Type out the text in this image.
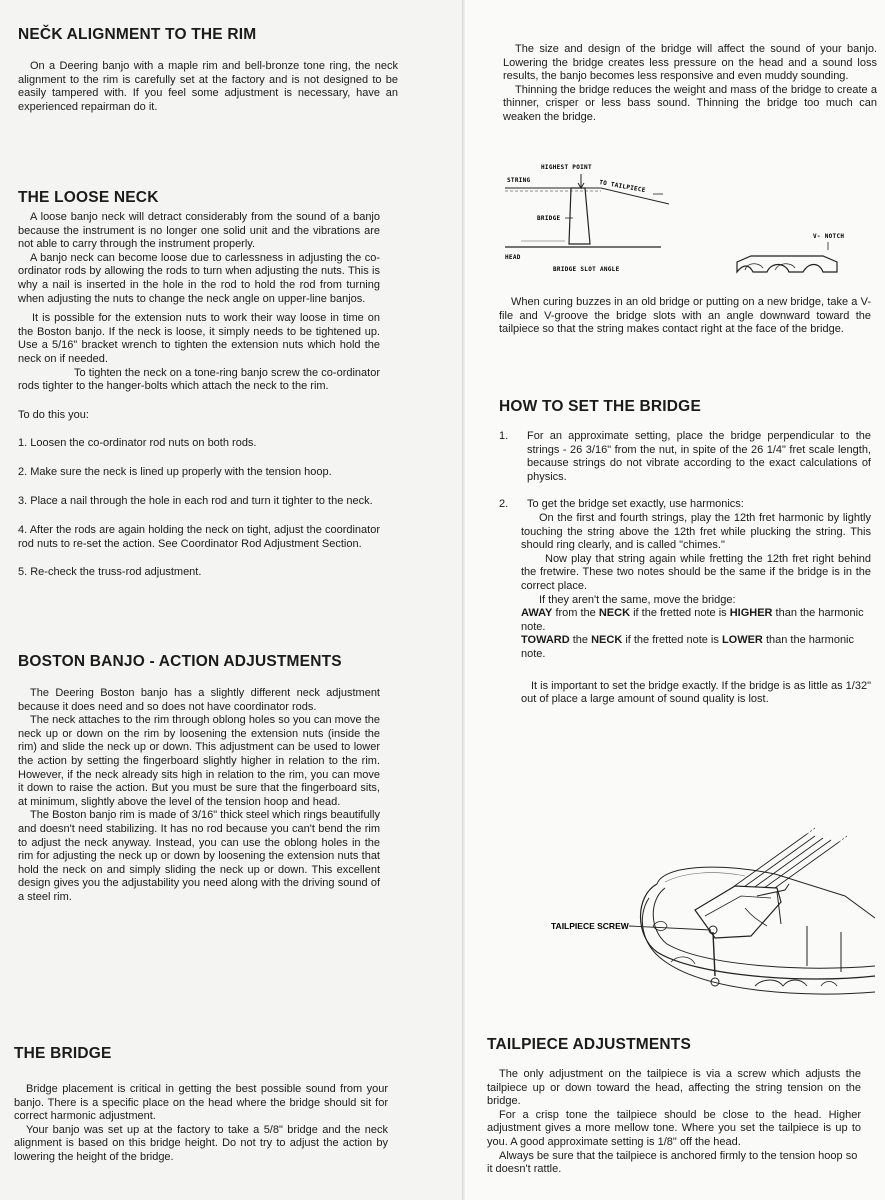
NEČK ALIGNMENT TO THE RIM

On a Deering banjo with a maple rim and bell-bronze tone ring, the neck alignment to the rim is carefully set at the factory and is not designed to be easily tampered with. If you feel some adjustment is necessary, have an experienced repairman do it.

THE LOOSE NECK

A loose banjo neck will detract considerably from the sound of a banjo because the instrument is no longer one solid unit and the vibrations are not able to carry through the instrument properly.

A banjo neck can become loose due to carlessness in adjusting the co-ordinator rods by allowing the rods to turn when adjusting the nuts. This is why a nail is inserted in the hole in the rod to hold the rod from turning when adjusting the nuts to change the neck angle on upper-line banjos.

It is possible for the extension nuts to work their way loose in time on the Boston banjo. If the neck is loose, it simply needs to be tightened up. Use a 5/16" bracket wrench to tighten the extension nuts which hold the neck on if needed.

To tighten the neck on a tone-ring banjo screw the co-ordinator rods tighter to the hanger-bolts which attach the neck to the rim.

To do this you:

1. Loosen the co-ordinator rod nuts on both rods.

2. Make sure the neck is lined up properly with the tension hoop.

3. Place a nail through the hole in each rod and turn it tighter to the neck.

4. After the rods are again holding the neck on tight, adjust the coordinator rod nuts to re-set the action. See Coordinator Rod Adjustment Section.

5. Re-check the truss-rod adjustment.

BOSTON BANJO - ACTION ADJUSTMENTS

The Deering Boston banjo has a slightly different neck adjustment because it does need and so does not have coordinator rods.

The neck attaches to the rim through oblong holes so you can move the neck up or down on the rim by loosening the extension nuts (inside the rim) and slide the neck up or down. This adjustment can be used to lower the action by setting the fingerboard slightly higher in relation to the rim. However, if the neck already sits high in relation to the rim, you can move it down to raise the action. But you must be sure that the fingerboard sits, at minimum, slightly above the level of the tension hoop and head.

The Boston banjo rim is made of 3/16" thick steel which rings beautifully and doesn't need stabilizing. It has no rod because you can't bend the rim to adjust the neck anyway. Instead, you can use the oblong holes in the rim for adjusting the neck up or down by loosening the extension nuts that hold the neck on and simply sliding the neck up or down. This excellent design gives you the adjustability you need along with the driving sound of a steel rim.

THE BRIDGE

Bridge placement is critical in getting the best possible sound from your banjo. There is a specific place on the head where the bridge should sit for correct harmonic adjustment.

Your banjo was set up at the factory to take a 5/8" bridge and the neck alignment is based on this bridge height. Do not try to adjust the action by lowering the height of the bridge.

The size and design of the bridge will affect the sound of your banjo. Lowering the bridge creates less pressure on the head and a sound loss results, the banjo becomes less responsive and even muddy sounding.

Thinning the bridge reduces the weight and mass of the bridge to create a thinner, crisper or less bass sound. Thinning the bridge too much can weaken the bridge.

HIGHEST POINT
STRING	TO TAILPIECE
BRIDGE
HEAD
BRIDGE SLOT ANGLE
V- NOTCH

When curing buzzes in an old bridge or putting on a new bridge, take a V-file and V-groove the bridge slots with an angle downward toward the tailpiece so that the string makes contact right at the face of the bridge.

HOW TO SET THE BRIDGE
1. For an approximate setting, place the bridge perpendicular to the strings - 26 3/16" from the nut, in spite of the 26 1/4" fret scale length, because strings do not vibrate according to the exact calculations of physics.

2. To get the bridge set exactly, use harmonics:

On the first and fourth strings, play the 12th fret harmonic by lightly touching the string above the 12th fret while plucking the string. This should ring clearly, and is called "chimes."

Now play that string again while fretting the 12th fret right behind the fretwire. These two notes should be the same if the bridge is in the correct place.

If they aren't the same, move the bridge:

AWAY from the NECK if the fretted note is HIGHER than the harmonic note.

TOWARD the NECK if the fretted note is LOWER than the harmonic note.

It is important to set the bridge exactly. If the bridge is as little as 1/32" out of place a large amount of sound quality is lost.

TAILPIECE SCREW
TAILPIECE ADJUSTMENTS

The only adjustment on the tailpiece is via a screw which adjusts the tailpiece up or down toward the head, affecting the string tension on the bridge.

For a crisp tone the tailpiece should be close to the head. Higher adjustment gives a more mellow tone. Where you set the tailpiece is up to you. A good approximate setting is 1/8" off the head.

Always be sure that the tailpiece is anchored firmly to the tension hoop so it doesn't rattle.
